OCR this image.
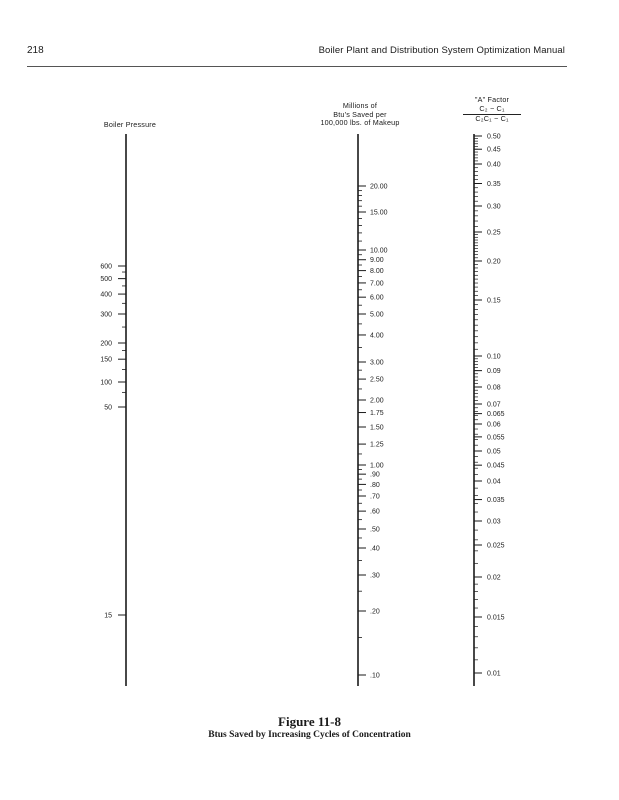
218	Boiler Plant and Distribution System Optimization Manual
Boiler Pressure
Millions of
Btu's Saved per
100,000 lbs. of Makeup
"A" Factor
C₂ − C₁
C₂C₁ − C₁
600
500
400
300
200
150
100
50
15
20.00
15.00
10.00
9.00
8.00
7.00
6.00
5.00
4.00
3.00
2.50
2.00
1.75
1.50
1.25
1.00
.90
.80
.70
.60
.50
.40
.30
.20
.10
0.50
0.45
0.40
0.35
0.30
0.25
0.20
0.15
0.10
0.09
0.08
0.07
0.065
0.06
0.055
0.05
0.045
0.04
0.035
0.03
0.025
0.02
0.015
0.01
Figure 11-8
Btus Saved by Increasing Cycles of Concentration
